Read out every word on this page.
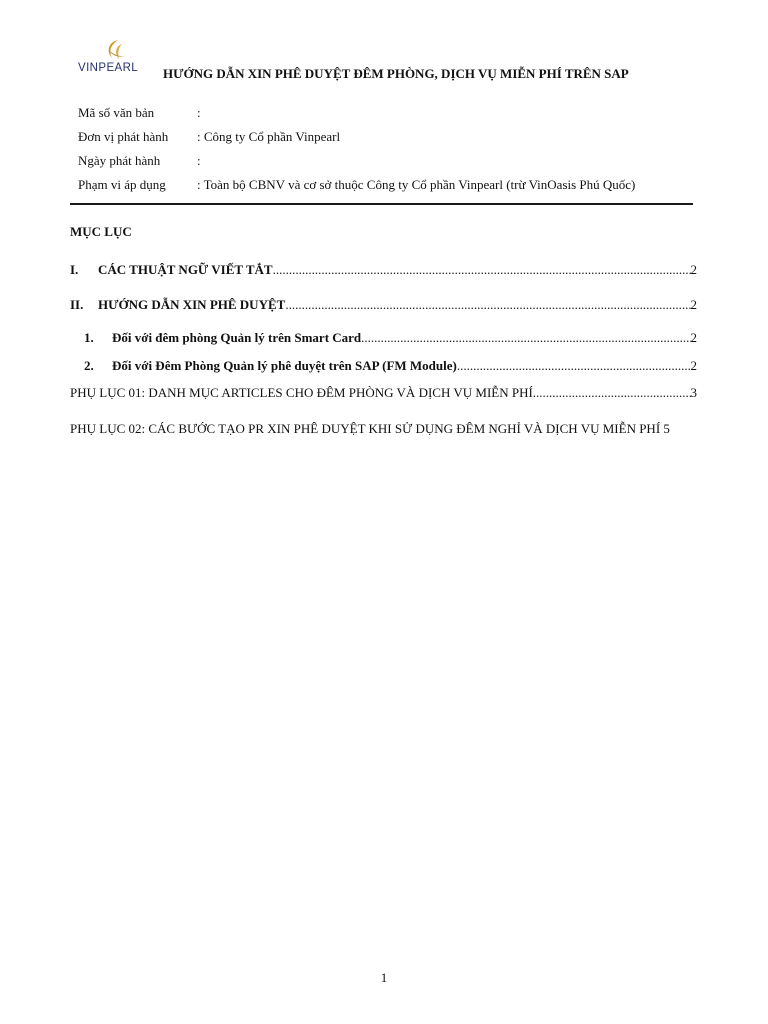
VINPEARL	HƯỚNG DẪN XIN PHÊ DUYỆT ĐÊM PHÒNG, DỊCH VỤ MIỄN PHÍ TRÊN SAP
Mã số văn bản	:
Đơn vị phát hành : Công ty Cổ phần Vinpearl
Ngày phát hành	:
Phạm vi áp dụng : Toàn bộ CBNV và cơ sở thuộc Công ty Cổ phần Vinpearl (trừ VinOasis Phú Quốc)
MỤC LỤC
I.	CÁC THUẬT NGỮ VIẾT TẮT .....	2
II.	HƯỚNG DẪN XIN PHÊ DUYỆT .....	2
1.	Đối với đêm phòng Quản lý trên Smart Card .....	2
2.	Đối với Đêm Phòng Quản lý phê duyệt trên SAP (FM Module) .....	2
PHỤ LỤC 01: DANH MỤC ARTICLES CHO ĐÊM PHÒNG VÀ DỊCH VỤ MIỄN PHÍ .....	3
PHỤ LỤC 02: CÁC BƯỚC TẠO PR XIN PHÊ DUYỆT KHI SỬ DỤNG ĐÊM NGHỈ VÀ DỊCH VỤ MIỄN PHÍ 5
1
